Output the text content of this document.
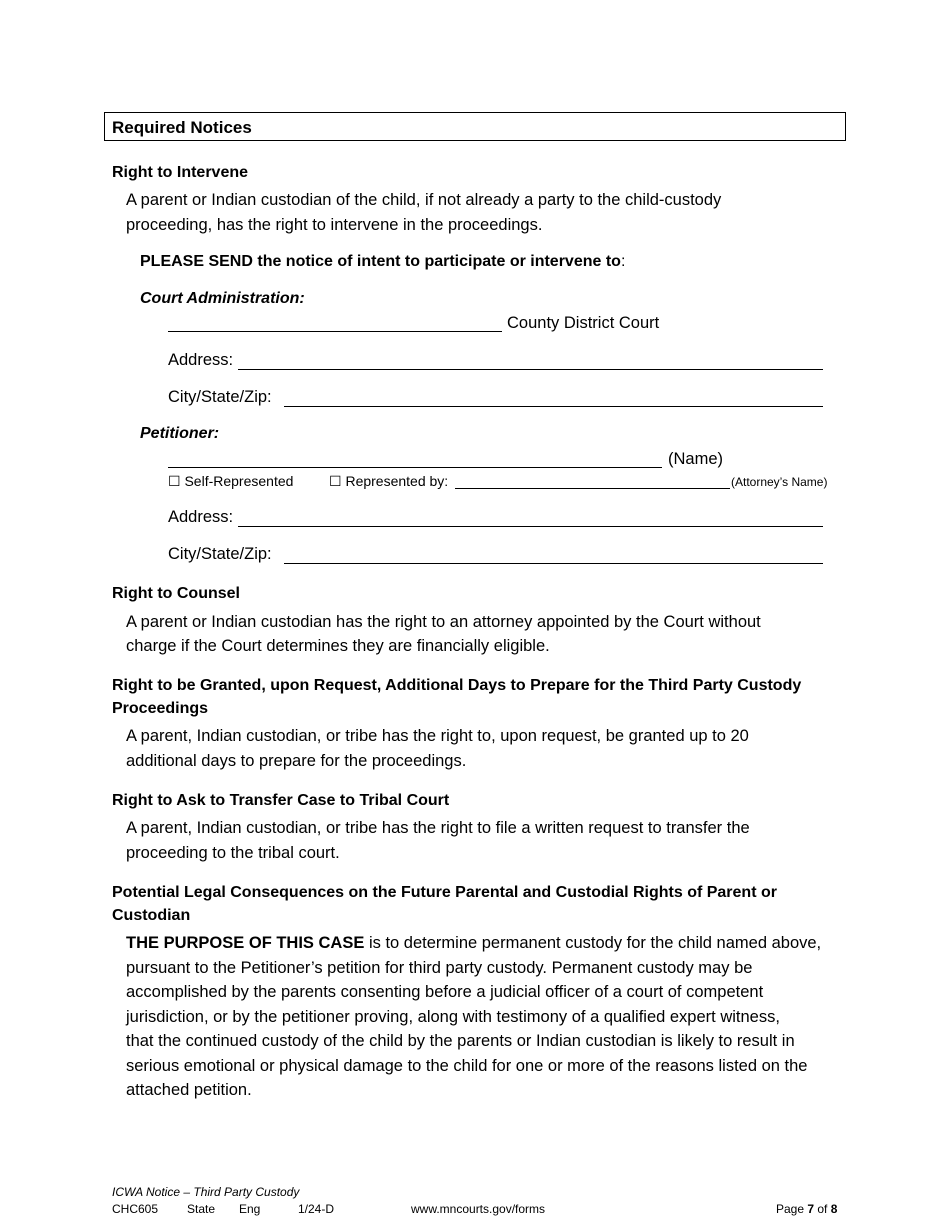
Required Notices
Right to Intervene
A parent or Indian custodian of the child, if not already a party to the child-custody
proceeding, has the right to intervene in the proceedings.
PLEASE SEND the notice of intent to participate or intervene to:
Court Administration:
County District Court
Address:
City/State/Zip:
Petitioner:
(Name)
☐ Self-Represented	☐ Represented by:	(Attorney’s Name)
Address:
City/State/Zip:
Right to Counsel
A parent or Indian custodian has the right to an attorney appointed by the Court without
charge if the Court determines they are financially eligible.
Right to be Granted, upon Request, Additional Days to Prepare for the Third Party Custody
Proceedings
A parent, Indian custodian, or tribe has the right to, upon request, be granted up to 20
additional days to prepare for the proceedings.
Right to Ask to Transfer Case to Tribal Court
A parent, Indian custodian, or tribe has the right to file a written request to transfer the
proceeding to the tribal court.
Potential Legal Consequences on the Future Parental and Custodial Rights of Parent or
Custodian
THE PURPOSE OF THIS CASE is to determine permanent custody for the child named above,
pursuant to the Petitioner’s petition for third party custody. Permanent custody may be
accomplished by the parents consenting before a judicial officer of a court of competent
jurisdiction, or by the petitioner proving, along with testimony of a qualified expert witness,
that the continued custody of the child by the parents or Indian custodian is likely to result in
serious emotional or physical damage to the child for one or more of the reasons listed on the
attached petition.
ICWA Notice – Third Party Custody
CHC605 State Eng	1/24-D	www.mncourts.gov/forms	Page 7 of 8
